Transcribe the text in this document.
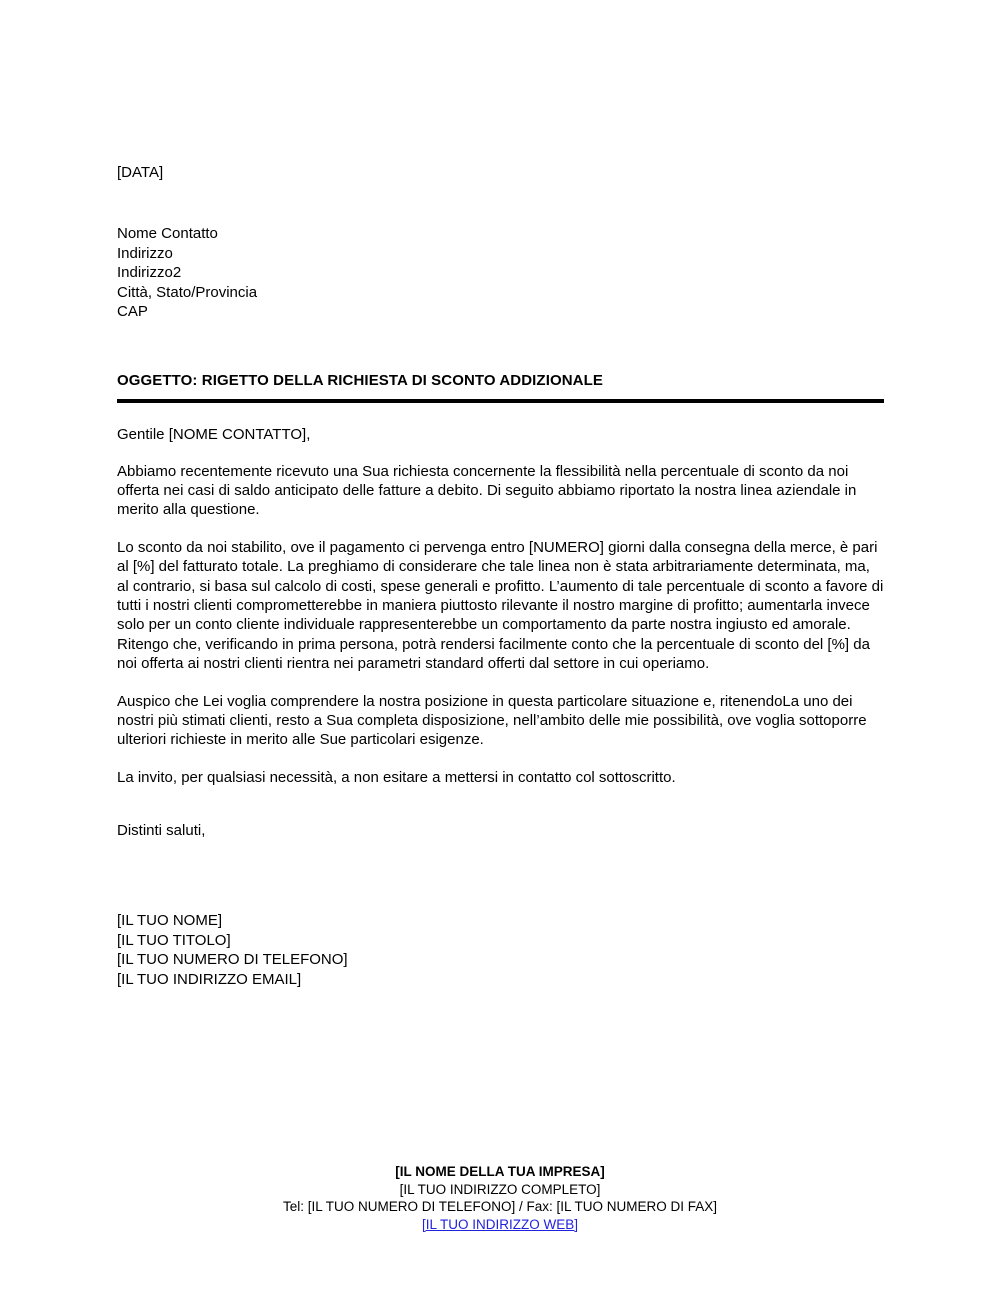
[DATA]
Nome Contatto
Indirizzo
Indirizzo2
Città, Stato/Provincia
CAP
OGGETTO: RIGETTO DELLA RICHIESTA DI SCONTO ADDIZIONALE
Gentile [NOME CONTATTO],
Abbiamo recentemente ricevuto una Sua richiesta concernente la flessibilità nella percentuale di sconto da noi offerta nei casi di saldo anticipato delle fatture a debito. Di seguito abbiamo riportato la nostra linea aziendale in merito alla questione.
Lo sconto da noi stabilito, ove il pagamento ci pervenga entro [NUMERO] giorni dalla consegna della merce, è pari al [%] del fatturato totale. La preghiamo di considerare che tale linea non è stata arbitrariamente determinata, ma, al contrario, si basa sul calcolo di costi, spese generali e profitto. L’aumento di tale percentuale di sconto a favore di tutti i nostri clienti comprometterebbe in maniera piuttosto rilevante il nostro margine di profitto; aumentarla invece solo per un conto cliente individuale rappresenterebbe un comportamento da parte nostra ingiusto ed amorale. Ritengo che, verificando in prima persona, potrà rendersi facilmente conto che la percentuale di sconto del [%] da noi offerta ai nostri clienti rientra nei parametri standard offerti dal settore in cui operiamo.
Auspico che Lei voglia comprendere la nostra posizione in questa particolare situazione e, ritenendoLa uno dei nostri più stimati clienti, resto a Sua completa disposizione, nell’ambito delle mie possibilità, ove voglia sottoporre ulteriori richieste in merito alle Sue particolari esigenze.
La invito, per qualsiasi necessità, a non esitare a mettersi in contatto col sottoscritto.
Distinti saluti,
[IL TUO NOME]
[IL TUO TITOLO]
[IL TUO NUMERO DI TELEFONO]
[IL TUO INDIRIZZO EMAIL]
[IL NOME DELLA TUA IMPRESA]
[IL TUO INDIRIZZO COMPLETO]
Tel: [IL TUO NUMERO DI TELEFONO] / Fax: [IL TUO NUMERO DI FAX]
[IL TUO INDIRIZZO WEB]
